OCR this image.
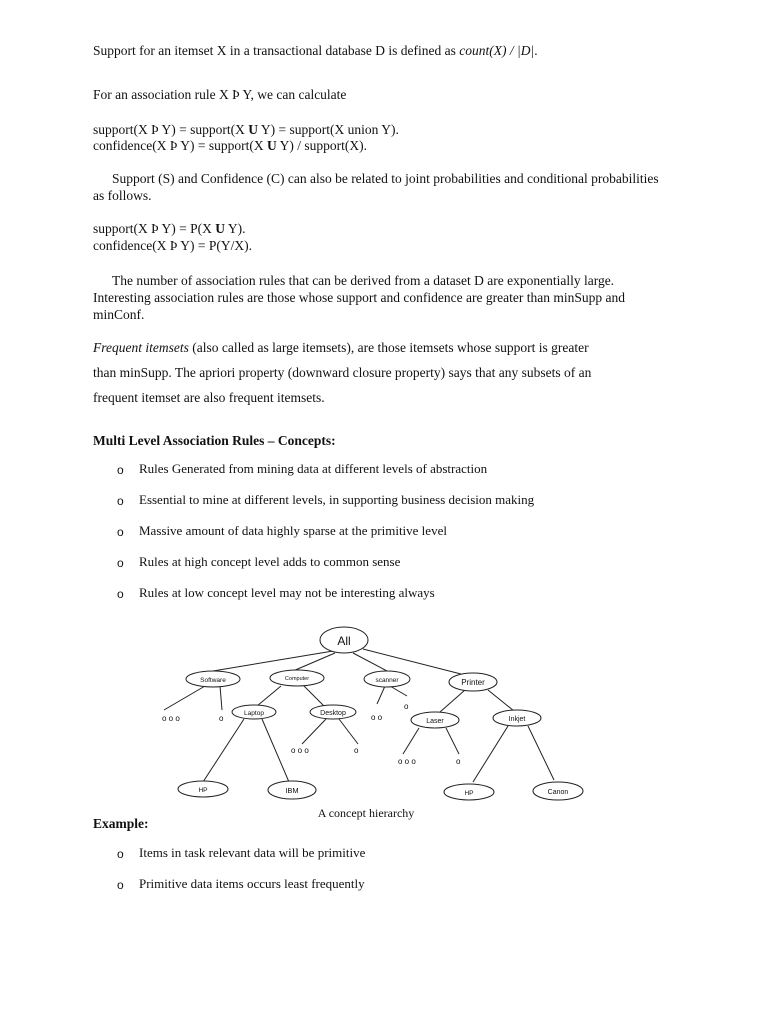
Support for an itemset X in a transactional database D is defined as count(X) / |D|.
For an association rule X Þ Y, we can calculate
support(X Þ Y) = support(X U Y) = support(X union Y).
confidence(X Þ Y) = support(X U Y) / support(X).
Support (S) and Confidence (C) can also be related to joint probabilities and conditional probabilities as follows.
support(X Þ Y) = P(X U Y).
confidence(X Þ Y) = P(Y/X).
The number of association rules that can be derived from a dataset D are exponentially large. Interesting association rules are those whose support and confidence are greater than minSupp and minConf.
Frequent itemsets (also called as large itemsets), are those itemsets whose support is greater
than minSupp. The apriori property (downward closure property) says that any subsets of an
frequent itemset are also frequent itemsets.
Multi Level Association Rules – Concepts:
o Rules Generated from mining data at different levels of abstraction
o Essential to mine at different levels, in supporting business decision making
o Massive amount of data highly sparse at the primitive level
o Rules at high concept level adds to common sense
o Rules at low concept level may not be interesting always
Example:
o Items in task relevant data will be primitive
o Primitive data items occurs least frequently
All
Software	Computer	scanner	Printer
Laptop	Desktop
Laser	Inkjet
HP	IBM	HP	Canon
o o o	o
o o o	o
o o
o
o o o	o
A concept hierarchy
